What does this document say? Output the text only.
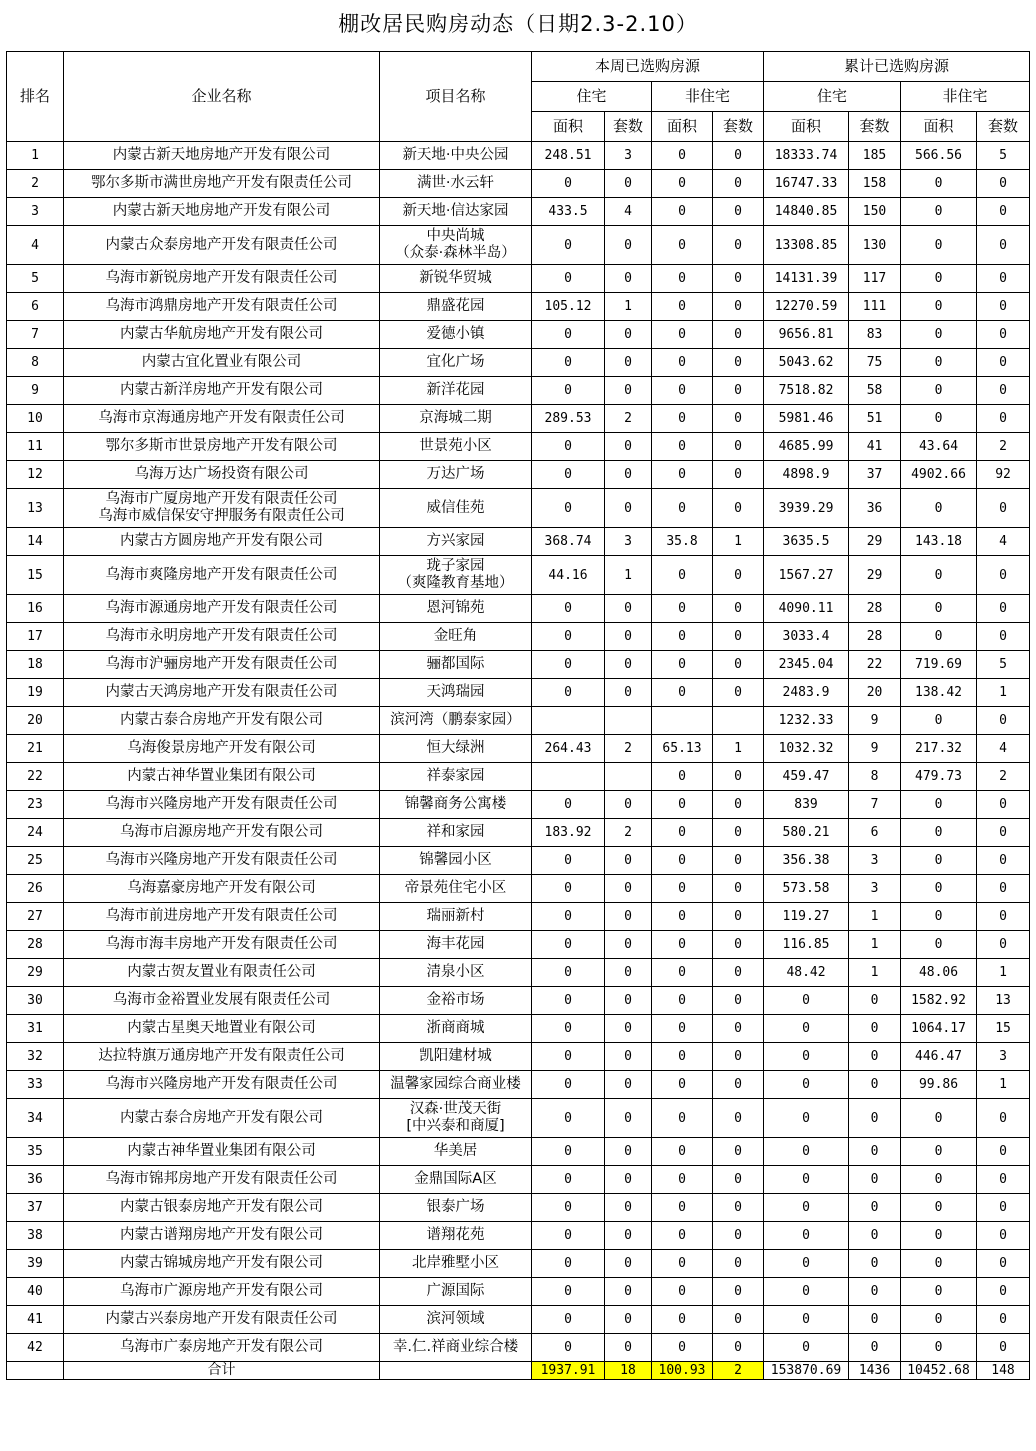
棚改居民购房动态（日期2.3-2.10）
排名	企业名称	项目名称	本周已选购房源				累计已选购房源			
			住宅		非住宅		住宅		非住宅	
			面积	套数	面积	套数	面积	套数	面积	套数
1	内蒙古新天地房地产开发有限公司	新天地·中央公园	248.51	3	0	0	18333.74	185	566.56	5
2	鄂尔多斯市满世房地产开发有限责任公司	满世·水云轩	0	0	0	0	16747.33	158	0	0
3	内蒙古新天地房地产开发有限公司	新天地·信达家园	433.5	4	0	0	14840.85	150	0	0
4	内蒙古众泰房地产开发有限责任公司	中央尚城
（众泰·森林半岛）	0	0	0	0	13308.85	130	0	0
5	乌海市新锐房地产开发有限责任公司	新锐华贸城	0	0	0	0	14131.39	117	0	0
6	乌海市鸿鼎房地产开发有限责任公司	鼎盛花园	105.12	1	0	0	12270.59	111	0	0
7	内蒙古华航房地产开发有限公司	爱德小镇	0	0	0	0	9656.81	83	0	0
8	内蒙古宜化置业有限公司	宜化广场	0	0	0	0	5043.62	75	0	0
9	内蒙古新洋房地产开发有限公司	新洋花园	0	0	0	0	7518.82	58	0	0
10	乌海市京海通房地产开发有限责任公司	京海城二期	289.53	2	0	0	5981.46	51	0	0
11	鄂尔多斯市世景房地产开发有限公司	世景苑小区	0	0	0	0	4685.99	41	43.64	2
12	乌海万达广场投资有限公司	万达广场	0	0	0	0	4898.9	37	4902.66	92
13	乌海市广厦房地产开发有限责任公司
乌海市威信保安守押服务有限责任公司	威信佳苑	0	0	0	0	3939.29	36	0	0
14	内蒙古方圆房地产开发有限公司	方兴家园	368.74	3	35.8	1	3635.5	29	143.18	4
15	乌海市爽隆房地产开发有限责任公司	珑子家园
（爽隆教育基地）	44.16	1	0	0	1567.27	29	0	0
16	乌海市源通房地产开发有限责任公司	恩河锦苑	0	0	0	0	4090.11	28	0	0
17	乌海市永明房地产开发有限责任公司	金旺角	0	0	0	0	3033.4	28	0	0
18	乌海市沪骊房地产开发有限责任公司	骊都国际	0	0	0	0	2345.04	22	719.69	5
19	内蒙古天鸿房地产开发有限责任公司	天鸿瑞园	0	0	0	0	2483.9	20	138.42	1
20	内蒙古泰合房地产开发有限公司	滨河湾（鹏泰家园）					1232.33	9	0	0
21	乌海俊景房地产开发有限公司	恒大绿洲	264.43	2	65.13	1	1032.32	9	217.32	4
22	内蒙古神华置业集团有限公司	祥泰家园			0	0	459.47	8	479.73	2
23	乌海市兴隆房地产开发有限责任公司	锦馨商务公寓楼	0	0	0	0	839	7	0	0
24	乌海市启源房地产开发有限公司	祥和家园	183.92	2	0	0	580.21	6	0	0
25	乌海市兴隆房地产开发有限责任公司	锦馨园小区	0	0	0	0	356.38	3	0	0
26	乌海嘉豪房地产开发有限公司	帝景苑住宅小区	0	0	0	0	573.58	3	0	0
27	乌海市前进房地产开发有限责任公司	瑞丽新村	0	0	0	0	119.27	1	0	0
28	乌海市海丰房地产开发有限责任公司	海丰花园	0	0	0	0	116.85	1	0	0
29	内蒙古贺友置业有限责任公司	清泉小区	0	0	0	0	48.42	1	48.06	1
30	乌海市金裕置业发展有限责任公司	金裕市场	0	0	0	0	0	0	1582.92	13
31	内蒙古星奥天地置业有限公司	浙商商城	0	0	0	0	0	0	1064.17	15
32	达拉特旗万通房地产开发有限责任公司	凯阳建材城	0	0	0	0	0	0	446.47	3
33	乌海市兴隆房地产开发有限责任公司	温馨家园综合商业楼	0	0	0	0	0	0	99.86	1
34	内蒙古泰合房地产开发有限公司	汉森·世茂天街
[中兴泰和商厦]	0	0	0	0	0	0	0	0
35	内蒙古神华置业集团有限公司	华美居	0	0	0	0	0	0	0	0
36	乌海市锦邦房地产开发有限责任公司	金鼎国际A区	0	0	0	0	0	0	0	0
37	内蒙古银泰房地产开发有限公司	银泰广场	0	0	0	0	0	0	0	0
38	内蒙古谱翔房地产开发有限公司	谱翔花苑	0	0	0	0	0	0	0	0
39	内蒙古锦城房地产开发有限公司	北岸雅墅小区	0	0	0	0	0	0	0	0
40	乌海市广源房地产开发有限公司	广源国际	0	0	0	0	0	0	0	0
41	内蒙古兴泰房地产开发有限责任公司	滨河领域	0	0	0	0	0	0	0	0
42	乌海市广泰房地产开发有限公司	幸.仁.祥商业综合楼	0	0	0	0	0	0	0	0
	合计		1937.91	18	100.93	2	153870.69	1436	10452.68	148
